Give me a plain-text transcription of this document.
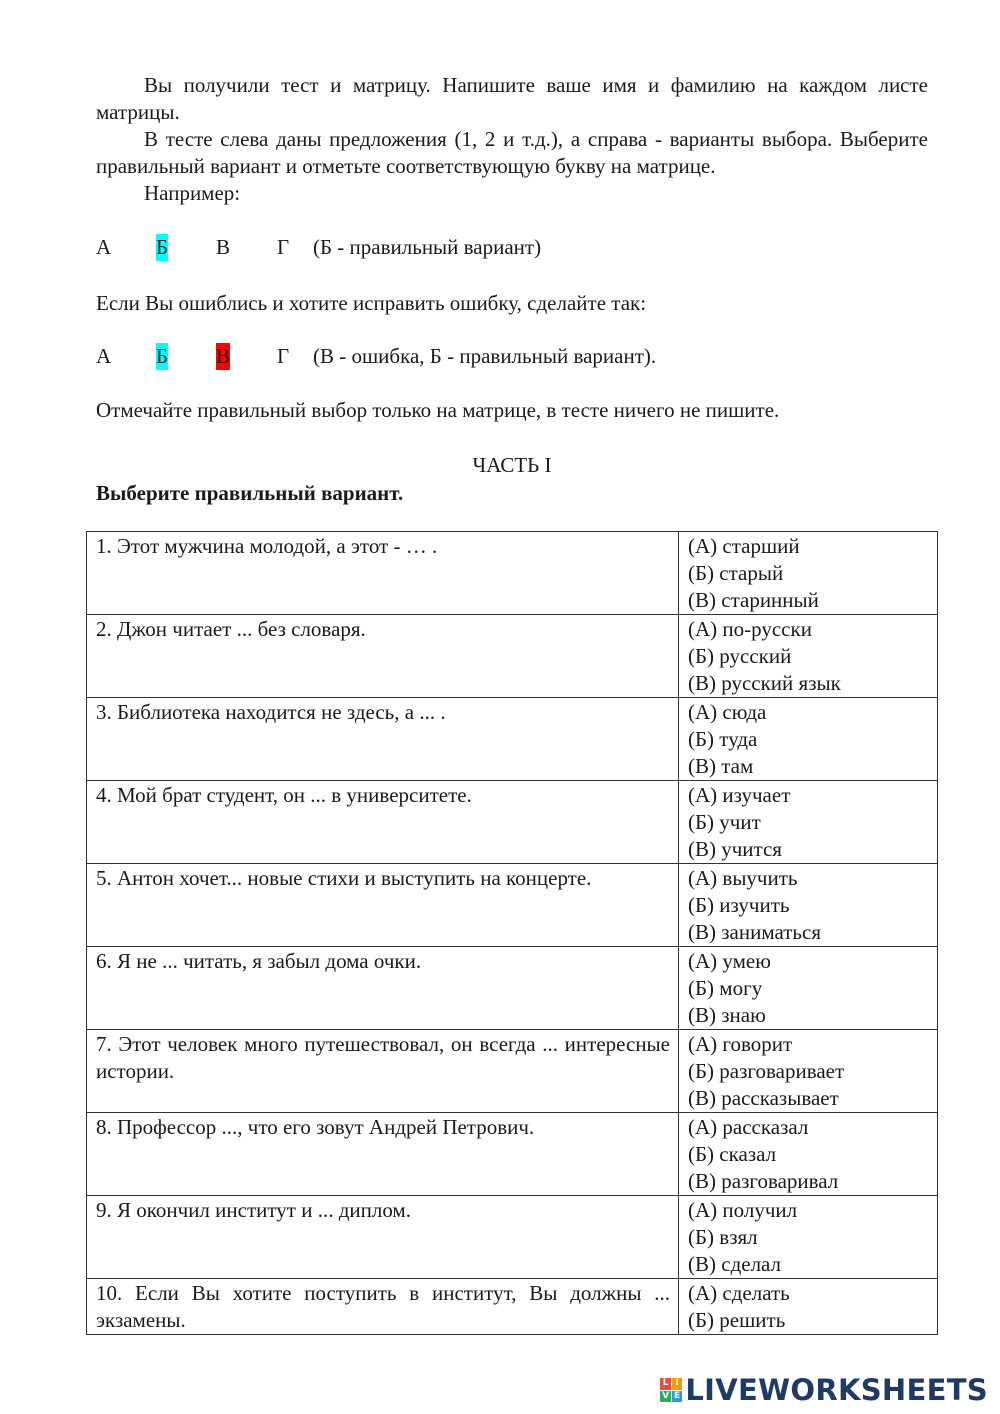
Вы получили тест и матрицу. Напишите ваше имя и фамилию на каждом листе матрицы.

В тесте слева даны предложения (1, 2 и т.д.), а справа - варианты выбора. Выберите правильный вариант и отметьте соответствующую букву на матрице.

Например:

А Б В Г (Б - правильный вариант)
Если Вы ошиблись и хотите исправить ошибку, сделайте так:
А Б В Г (В - ошибка, Б - правильный вариант).
Отмечайте правильный выбор только на матрице, в тесте ничего не пишите.
ЧАСТЬ I
Выберите правильный вариант.
1. Этот мужчина молодой, а этот - … .	(А) старший
(Б) старый
(В) старинный

2. Джон читает ... без словаря.	(А) по-русски
(Б) русский
(В) русский язык

3. Библиотека находится не здесь, а ... .	(А) сюда
(Б) туда
(В) там

4. Мой брат студент, он ... в университете.	(А) изучает
(Б) учит
(В) учится

5. Антон хочет... новые стихи и выступить на концерте.	(А) выучить
(Б) изучить
(В) заниматься

6. Я не ... читать, я забыл дома очки.	(А) умею
(Б) могу
(В) знаю

7. Этот человек много путешествовал, он всегда ... интересные истории.	(А) говорит
(Б) разговаривает
(В) рассказывает

8. Профессор ..., что его зовут Андрей Петрович.	(А) рассказал
(Б) сказал
(В) разговаривал

9. Я окончил институт и ... диплом.	(А) получил
(Б) взял
(В) сделал

10. Если Вы хотите поступить в институт, Вы должны ... экзамены.	(А) сделать
(Б) решить
L I
V E LIVEWORKSHEETS
